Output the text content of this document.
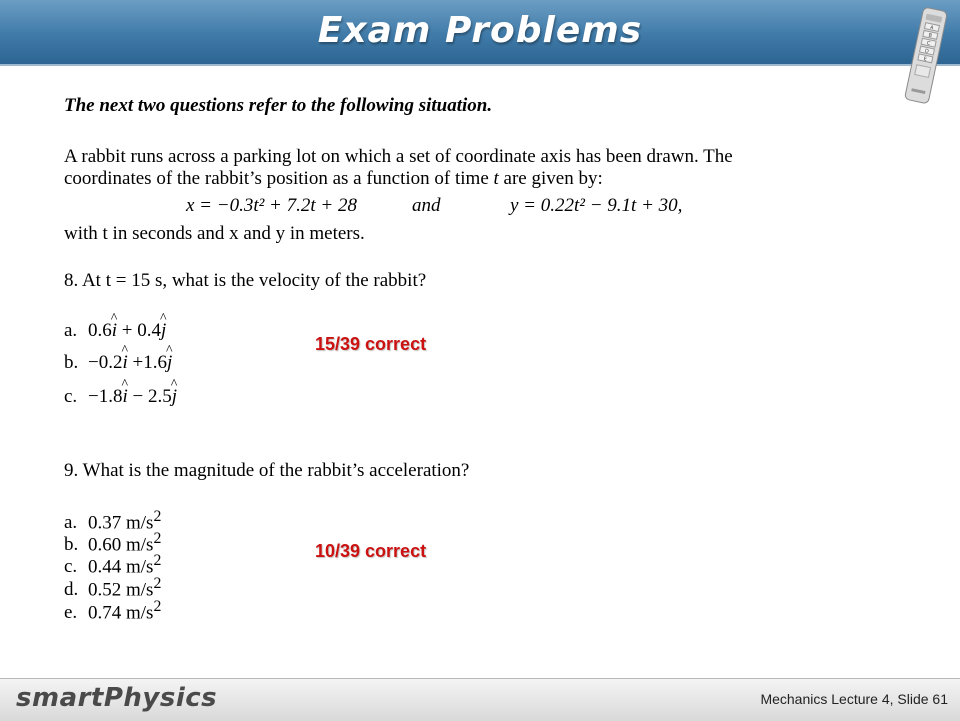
Exam Problems	A
B
C
D
E
The next two questions refer to the following situation.
A rabbit runs across a parking lot on which a set of coordinate axis has been drawn. The
coordinates of the rabbit’s position as a function of time t are given by:
x = −0.3t² + 7.2t + 28	and	y = 0.22t² − 9.1t + 30,
with t in seconds and x and y in meters.
8. At t = 15 s, what is the velocity of the rabbit?
a. 0.6i ^ + 0.4j ^
b. −0.2i ^ +1.6j ^
c. −1.8i ^ − 2.5j ^
15/39 correct
9. What is the magnitude of the rabbit’s acceleration?
a. 0.37 $m/s^2$
b. 0.60 $m/s^2$
c. 0.44 $m/s^2$
d. 0.52 $m/s^2$
e. 0.74 $m/s^2$
10/39 correct
smartPhysics	Mechanics Lecture 4, Slide 61
